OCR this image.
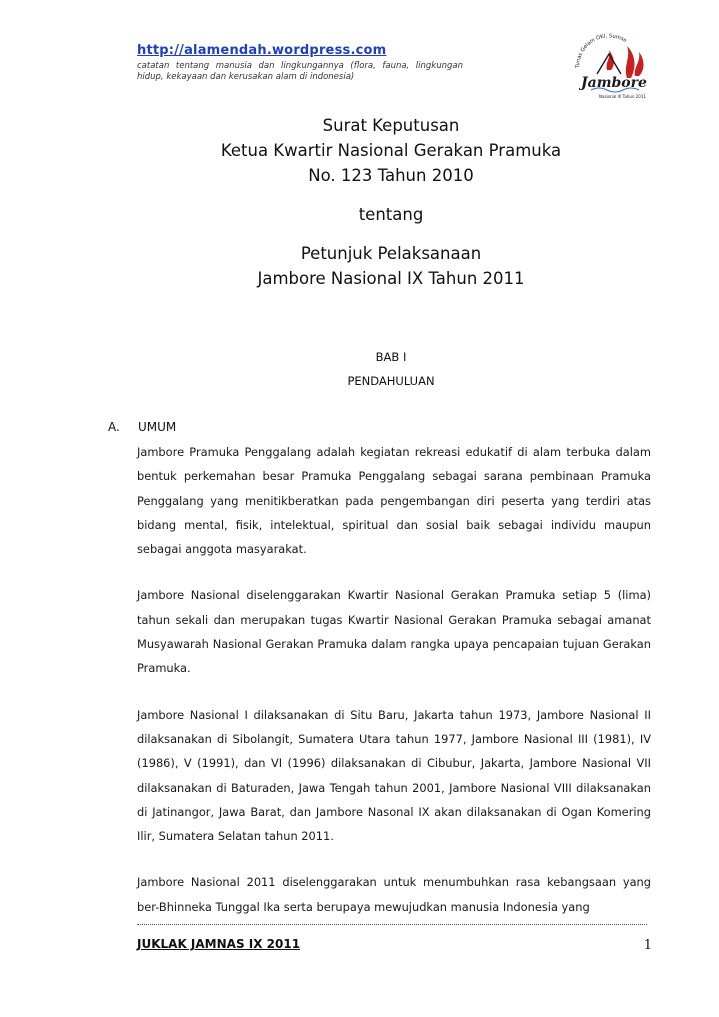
http://alamendah.wordpress.com
catatan tentang manusia dan lingkungannya (flora, fauna, lingkungan hidup, kekayaan dan kerusakan alam di indonesia)
Tunas Gelam OKI, Sumse
Jambore
Nasional IX Tahun 2011
Surat Keputusan
Ketua Kwartir Nasional Gerakan Pramuka
No. 123 Tahun 2010
tentang
Petunjuk Pelaksanaan
Jambore Nasional IX Tahun 2011
BAB I
PENDAHULUAN
A. UMUM

Jambore Pramuka Penggalang adalah kegiatan rekreasi edukatif di alam terbuka dalam bentuk perkemahan besar Pramuka Penggalang sebagai sarana pembinaan Pramuka Penggalang yang menitikberatkan pada pengembangan diri peserta yang terdiri atas bidang mental, fisik, intelektual, spiritual dan sosial baik sebagai individu maupun sebagai anggota masyarakat.

Jambore Nasional diselenggarakan Kwartir Nasional Gerakan Pramuka setiap 5 (lima) tahun sekali dan merupakan tugas Kwartir Nasional Gerakan Pramuka sebagai amanat Musyawarah Nasional Gerakan Pramuka dalam rangka upaya pencapaian tujuan Gerakan Pramuka.

Jambore Nasional I dilaksanakan di Situ Baru, Jakarta tahun 1973, Jambore Nasional II dilaksanakan di Sibolangit, Sumatera Utara tahun 1977, Jambore Nasional III (1981), IV (1986), V (1991), dan VI (1996) dilaksanakan di Cibubur, Jakarta, Jambore Nasional VII dilaksanakan di Baturaden, Jawa Tengah tahun 2001, Jambore Nasional VIII dilaksanakan di Jatinangor, Jawa Barat, dan Jambore Nasonal IX akan dilaksanakan di Ogan Komering Ilir, Sumatera Selatan tahun 2011.

Jambore Nasional 2011 diselenggarakan untuk menumbuhkan rasa kebangsaan yang ber-Bhinneka Tunggal Ika serta berupaya mewujudkan manusia Indonesia yang

JUKLAK JAMNAS IX 2011	1
